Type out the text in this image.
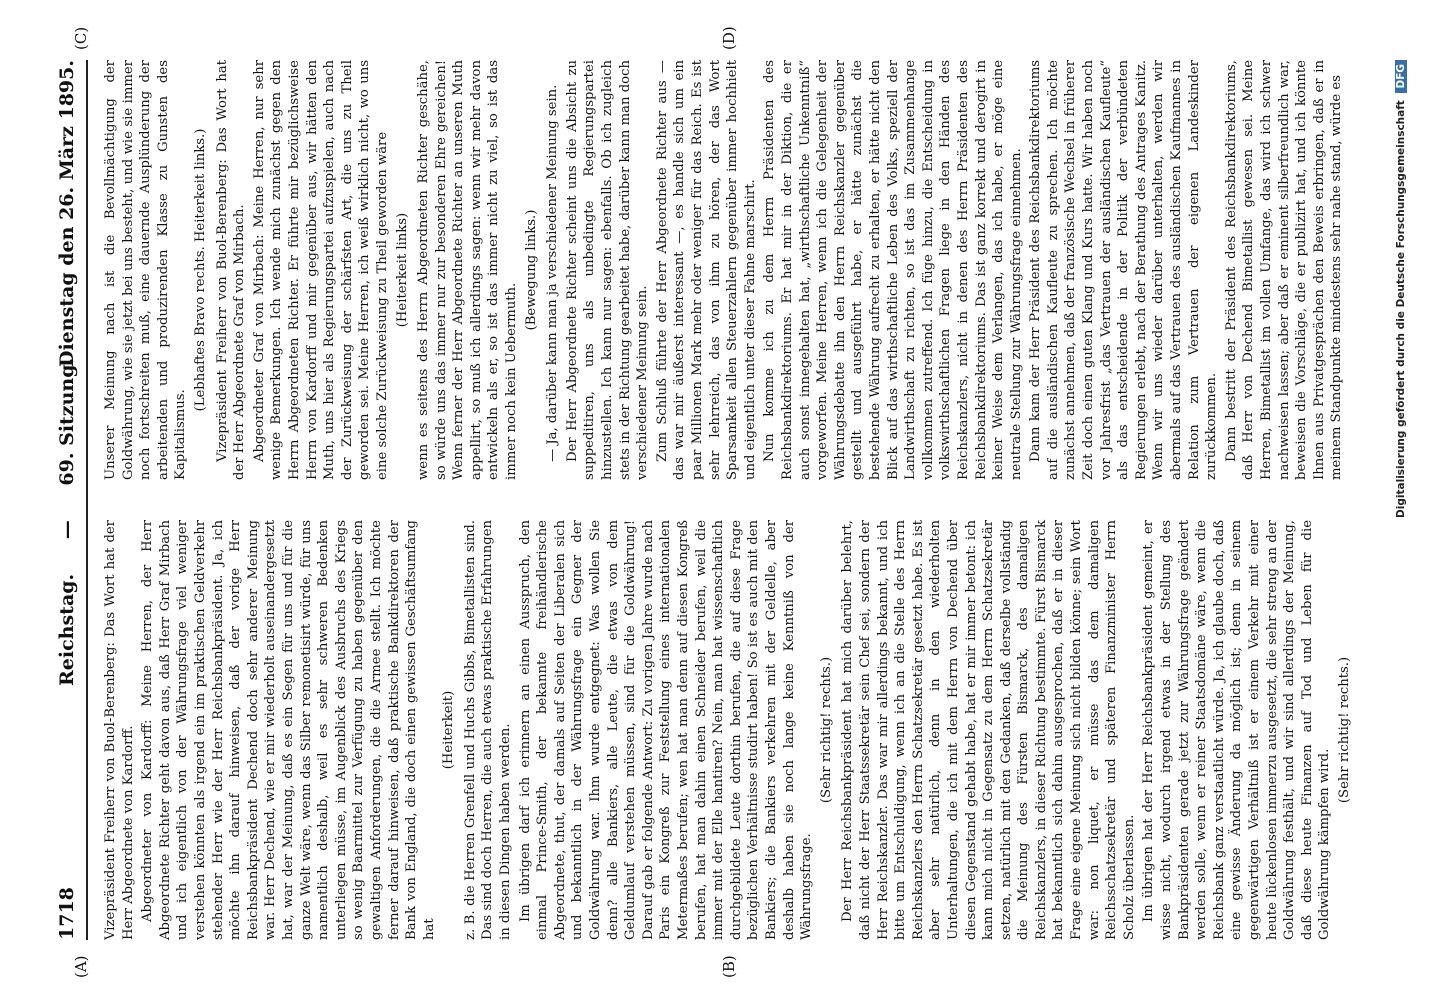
1718
Reichstag. — 69. Sitzung.
Dienstag den 26. März 1895.
(A)	(B)
(C)	(D)

Vizepräsident Freiherr von Buol-Berenberg: Das Wort hat der Herr Abgeordnete von Kardorff. Abgeordneter von Kardorff: Meine Herren, der Herr Abgeordnete Richter geht davon aus, daß Herr Graf Mirbach und ich eigentlich von der Währungsfrage viel weniger verstehen könnten als irgend ein im praktischen Geldverkehr stehender Herr wie der Herr Reichsbankpräsident. Ja, ich möchte ihn darauf hinweisen, daß der vorige Herr Reichsbankpräsident Dechend doch sehr anderer Meinung war. Herr Dechend, wie er mir wiederholt auseinandergesetzt hat, war der Meinung, daß es ein Segen für uns und für die ganze Welt wäre, wenn das Silber remonetisirt würde, für uns namentlich deshalb, weil es sehr schweren Bedenken unterliegen müsse, im Augenblick des Ausbruchs des Kriegs so wenig Baarmittel zur Verfügung zu haben gegenüber den gewaltigen Anforderungen, die die Armee stellt. Ich möchte ferner darauf hinweisen, daß praktische Bankdirektoren der Bank von England, die doch einen gewissen Geschäftsumfang hat

(Heiterkeit) z. B. die Herren Grenfell und Huchs Gibbs, Bimetallisten sind. Das sind doch Herren, die auch etwas praktische Erfahrungen in diesen Dingen haben werden. Im übrigen darf ich erinnern an einen Ausspruch, den einmal Prince-Smith, der bekannte freihändlerische Abgeordnete, thut, der damals auf Seiten der Liberalen sich und bekanntlich in der Währungsfrage ein Gegner der Goldwährung war. Ihm wurde entgegnet: Was wollen Sie denn? alle Bankiers, alle Leute, die etwas von dem Geldumlauf verstehen müssen, sind für die Goldwährung! Darauf gab er folgende Antwort: Zu vorigen Jahre wurde nach Paris ein Kongreß zur Feststellung eines internationalen Metermaßes berufen; wen hat man denn auf diesen Kongreß berufen, hat man dahin einen Schneider berufen, weil die immer mit der Elle hantiren? Nein, man hat wissenschaftlich durchgebildete Leute dorthin berufen, die auf diese Frage bezüglichen Verhältnisse studirt haben! So ist es auch mit den Bankiers; die Bankiers verkehren mit der Geldelle, aber deshalb haben sie noch lange keine Kenntniß von der Währungsfrage.

(Sehr richtig! rechts.) Der Herr Reichsbankpräsident hat mich darüber belehrt, daß nicht der Herr Staatssekretär sein Chef sei, sondern der Herr Reichskanzler. Das war mir allerdings bekannt, und ich bitte um Entschuldigung, wenn ich an die Stelle des Herrn Reichskanzlers den Herrn Schatzsekretär gesetzt habe. Es ist aber sehr natürlich, denn in den wiederholten Unterhaltungen, die ich mit dem Herrn von Dechend über diesen Gegenstand gehabt habe, hat er mir immer betont: ich kann mich nicht in Gegensatz zu dem Herrn Schatzsekretär setzen, natürlich mit den Gedanken, daß derselbe vollständig die Meinung des Fürsten Bismarck, des damaligen Reichskanzlers, in dieser Richtung bestimmte. Fürst Bismarck hat bekanntlich sich dahin ausgesprochen, daß er in dieser Frage eine eigene Meinung sich nicht bilden könne; sein Wort war: non liquet, er müsse das dem damaligen Reichsschatzsekretär und späteren Finanzminister Herrn Scholz überlassen. Im übrigen hat der Herr Reichsbankpräsident gemeint, er wisse nicht, wodurch irgend etwas in der Stellung des Bankpräsidenten gerade jetzt zur Währungsfrage geändert werden solle, wenn er reiner Staatsdomäne wäre, wenn die Reichsbank ganz verstaatlicht würde. Ja, ich glaube doch, daß eine gewisse Änderung da möglich ist; denn in seinem gegenwärtigen Verhältniß ist er einem Verkehr mit einer heute lückenlosen immerzu ausgesetzt, die sehr streng an der Goldwährung festhält, und wir sind allerdings der Meinung, daß diese heute Finanzen auf Tod und Leben für die Goldwährung kämpfen wird.

(Sehr richtig! rechts.)

Unserer Meinung nach ist die Bevollmächtigung der Goldwährung, wie sie jetzt bei uns besteht, und wie sie immer noch fortschreiten muß, eine dauernde Ausplünderung der arbeitenden und produzirenden Klasse zu Gunsten des Kapitalismus.

(Lebhaftes Bravo rechts. Heiterkeit links.) Vizepräsident Freiherr von Buol-Berenberg: Das Wort hat der Herr Abgeordnete Graf von Mirbach. Abgeordneter Graf von Mirbach: Meine Herren, nur sehr wenige Bemerkungen. Ich wende mich zunächst gegen den Herrn Abgeordneten Richter. Er führte mir bezüglichsweise Herrn von Kardorff und mir gegenüber aus, wir hätten den Muth, uns hier als Regierungspartei aufzuspielen, auch nach der Zurückweisung der schärfsten Art, die uns zu Theil geworden sei. Meine Herren, ich weiß wirklich nicht, wo uns eine solche Zurückweisung zu Theil geworden wäre (Heiterkeit links) wenn es seitens des Herrn Abgeordneten Richter geschähe, so würde uns das immer nur zur besonderen Ehre gereichen! Wenn ferner der Herr Abgeordnete Richter an unseren Muth appellirt, so muß ich allerdings sagen: wenn wir mehr davon entwickeln als er, so ist das immer nicht zu viel, so ist das immer noch kein Uebermuth.

(Bewegung links.) — Ja, darüber kann man ja verschiedener Meinung sein. Der Herr Abgeordnete Richter scheint uns die Absicht zu suppeditiren, uns als unbedingte Regierungspartei hinzustellen. Ich kann nur sagen: ebenfalls. Ob ich zugleich stets in der Richtung gearbeitet habe, darüber kann man doch verschiedener Meinung sein. Zum Schluß führte der Herr Abgeordnete Richter aus — das war mir äußerst interessant —, es handle sich um ein paar Millionen Mark mehr oder weniger für das Reich. Es ist sehr lehrreich, das von ihm zu hören, der das Wort Sparsamkeit allen Steuerzahlern gegenüber immer hochhielt und eigentlich unter dieser Fahne marschirt. Nun komme ich zu dem Herrn Präsidenten des Reichsbankdirektoriums. Er hat mir in der Diktion, die er auch sonst innegehalten hat, „wirthschaftliche Unkenntniß“ vorgeworfen. Meine Herren, wenn ich die Gelegenheit der Währungsdebatte ihn den Herrn Reichskanzler gegenüber gestellt und ausgeführt habe, er hätte zunächst die bestehende Währung aufrecht zu erhalten, er hätte nicht den Blick auf das wirthschaftliche Leben des Volks, speziell der Landwirthschaft zu richten, so ist das im Zusammenhange vollkommen zutreffend. Ich füge hinzu, die Entscheidung in volkswirthschaftlichen Fragen liege in den Händen des Reichskanzlers, nicht in denen des Herrn Präsidenten des Reichsbankdirektoriums. Das ist ganz korrekt und derogirt in keiner Weise dem Verlangen, das ich habe, er möge eine neutrale Stellung zur Währungsfrage einnehmen. Dann kam der Herr Präsident des Reichsbankdirektoriums auf die ausländischen Kaufleute zu sprechen. Ich möchte zunächst annehmen, daß der französische Wechsel in früherer Zeit doch einen guten Klang und Kurs hatte. Wir haben noch vor Jahresfrist „das Vertrauen der ausländischen Kaufleute“ als das entscheidende in der Politik der verbündeten Regierungen erlebt, nach der Berathung des Antrages Kanitz. Wenn wir uns wieder darüber unterhalten, werden wir abermals auf das Vertrauen des ausländischen Kaufmannes in Relation zum Vertrauen der eigenen Landeskinder zurückkommen. Dann bestritt der Präsident des Reichsbankdirektoriums, daß Herr von Dechend Bimetallist gewesen sei. Meine Herren, Bimetallist im vollen Umfange, das wird ich schwer nachweisen lassen; aber daß er eminent silberfreundlich war, beweisen die Vorschläge, die er publizirt hat, und ich könnte Ihnen aus Privatgesprächen den Beweis erbringen, daß er in meinem Standpunkte mindestens sehr nahe stand, würde es	Digitalisierung gefördert durch die Deutsche Forschungsgemeinschaft DFG
